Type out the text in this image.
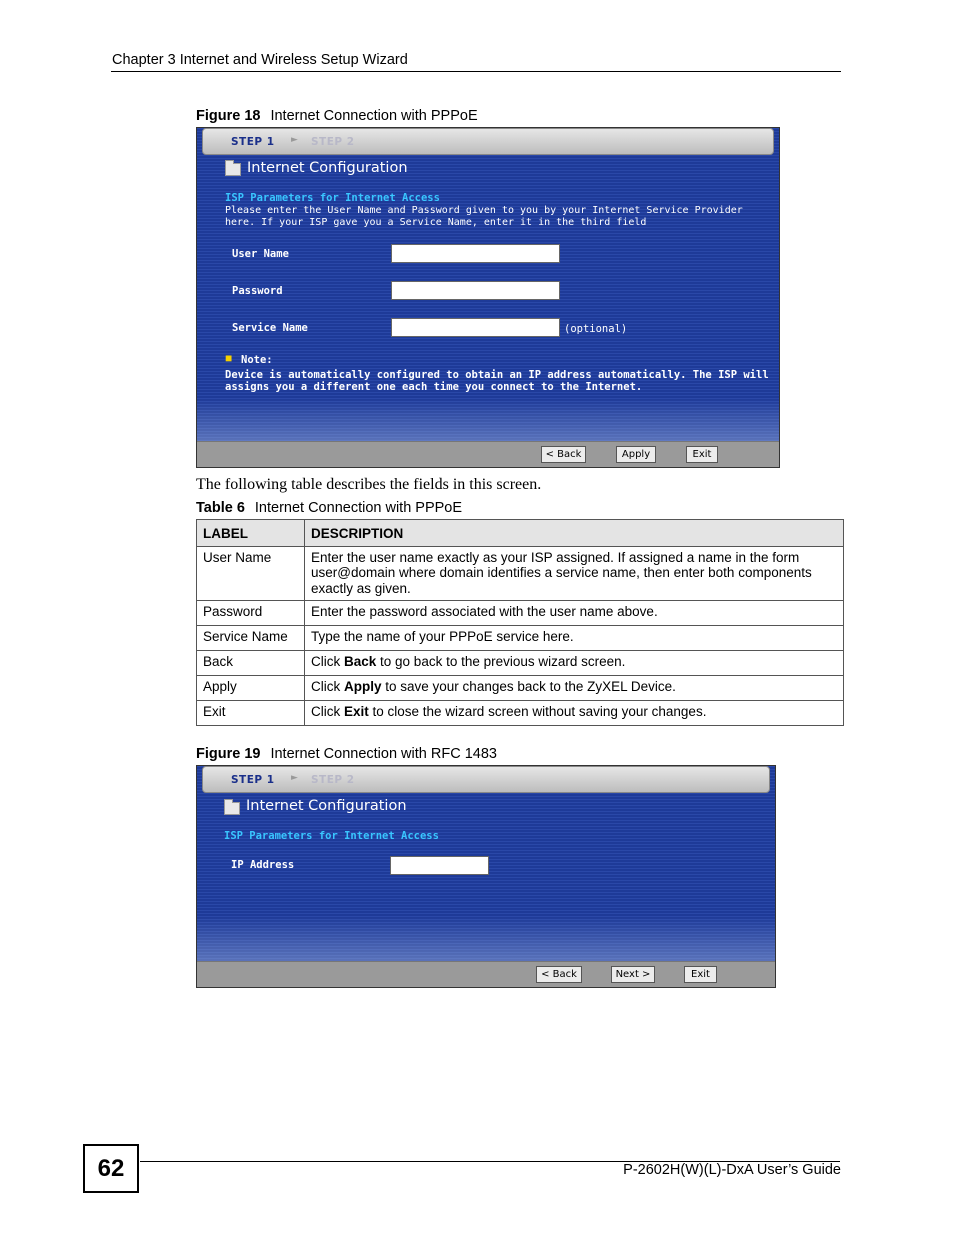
Chapter 3 Internet and Wireless Setup Wizard
Figure 18 Internet Connection with PPPoE
STEP 1 ► STEP 2
Internet Configuration
ISP Parameters for Internet Access
Please enter the User Name and Password given to you by your Internet Service Provider here. If your ISP gave you a Service Name, enter it in the third field
User Name
Password
Service Name	(optional)
■ Note:
Device is automatically configured to obtain an IP address automatically. The ISP will assigns you a different one each time you connect to the Internet.
< Back	Apply	Exit
The following table describes the fields in this screen.
Table 6 Internet Connection with PPPoE
LABEL	DESCRIPTION
User Name	Enter the user name exactly as your ISP assigned. If assigned a name in the form user@domain where domain identifies a service name, then enter both components exactly as given.
Password	Enter the password associated with the user name above.
Service Name	Type the name of your PPPoE service here.
Back	Click Back to go back to the previous wizard screen.
Apply	Click Apply to save your changes back to the ZyXEL Device.
Exit	Click Exit to close the wizard screen without saving your changes.
Figure 19 Internet Connection with RFC 1483
STEP 1 ► STEP 2
Internet Configuration
ISP Parameters for Internet Access
IP Address
< Back	Next >	Exit
62	P-2602H(W)(L)-DxA User’s Guide
